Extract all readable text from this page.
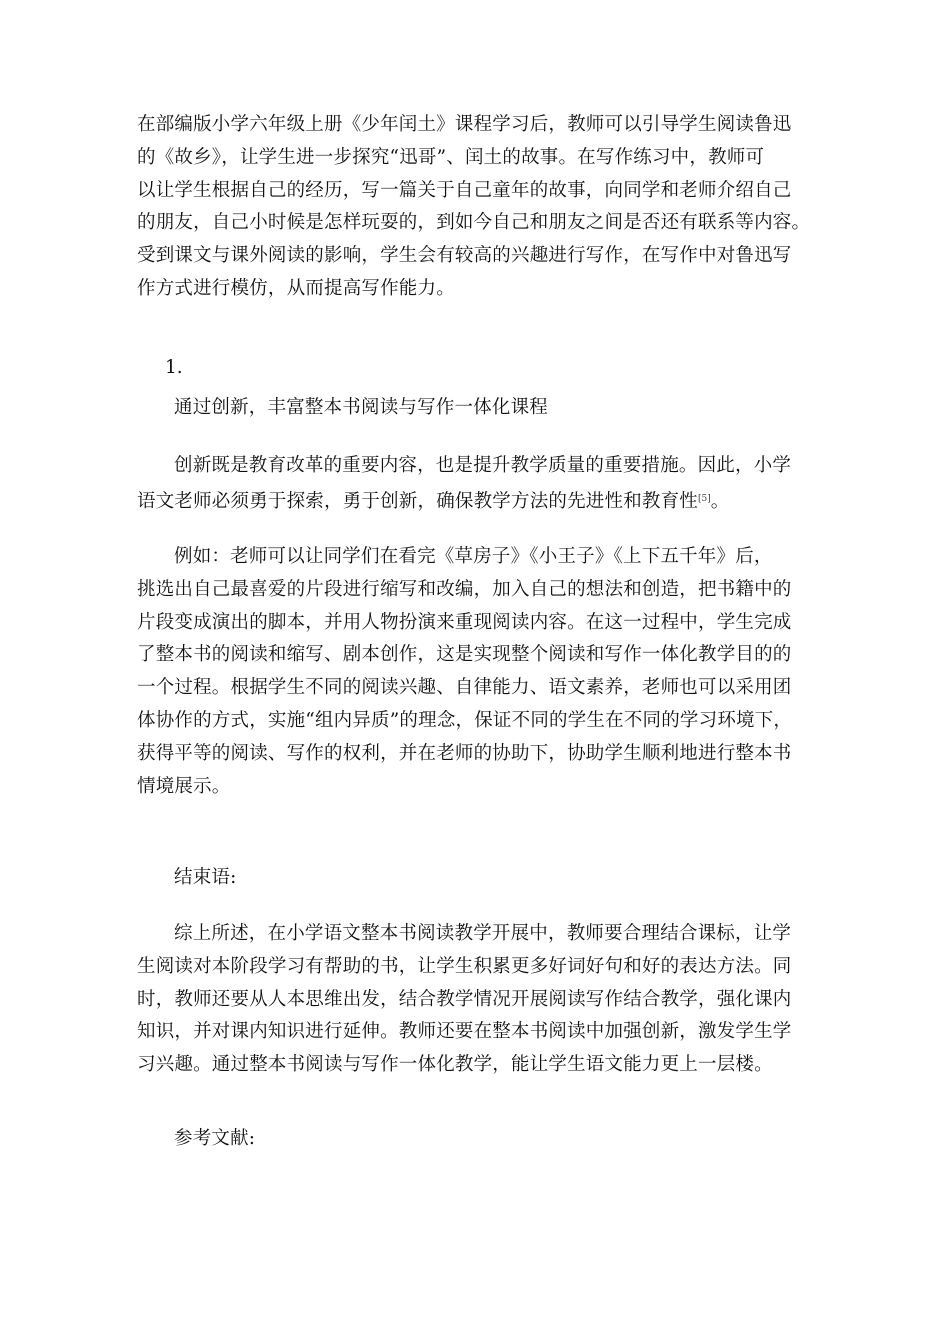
在部编版小学六年级上册《少年闰土》课程学习后，教师可以引导学生阅读鲁迅
的《故乡》，让学生进一步探究“迅哥”、闰土的故事。在写作练习中，教师可
以让学生根据自己的经历，写一篇关于自己童年的故事，向同学和老师介绍自己
的朋友，自己小时候是怎样玩耍的，到如今自己和朋友之间是否还有联系等内容。
受到课文与课外阅读的影响，学生会有较高的兴趣进行写作，在写作中对鲁迅写
作方式进行模仿，从而提高写作能力。
1.
通过创新，丰富整本书阅读与写作一体化课程
创新既是教育改革的重要内容，也是提升教学质量的重要措施。因此，小学
语文老师必须勇于探索，勇于创新，确保教学方法的先进性和教育性[5]。
例如：老师可以让同学们在看完《草房子》《小王子》《上下五千年》后，
挑选出自己最喜爱的片段进行缩写和改编，加入自己的想法和创造，把书籍中的
片段变成演出的脚本，并用人物扮演来重现阅读内容。在这一过程中，学生完成
了整本书的阅读和缩写、剧本创作，这是实现整个阅读和写作一体化教学目的的
一个过程。根据学生不同的阅读兴趣、自律能力、语文素养，老师也可以采用团
体协作的方式，实施“组内异质”的理念，保证不同的学生在不同的学习环境下，
获得平等的阅读、写作的权利，并在老师的协助下，协助学生顺利地进行整本书
情境展示。
结束语:
综上所述，在小学语文整本书阅读教学开展中，教师要合理结合课标，让学
生阅读对本阶段学习有帮助的书，让学生积累更多好词好句和好的表达方法。同
时，教师还要从人本思维出发，结合教学情况开展阅读写作结合教学，强化课内
知识，并对课内知识进行延伸。教师还要在整本书阅读中加强创新，激发学生学
习兴趣。通过整本书阅读与写作一体化教学，能让学生语文能力更上一层楼。
参考文献:
